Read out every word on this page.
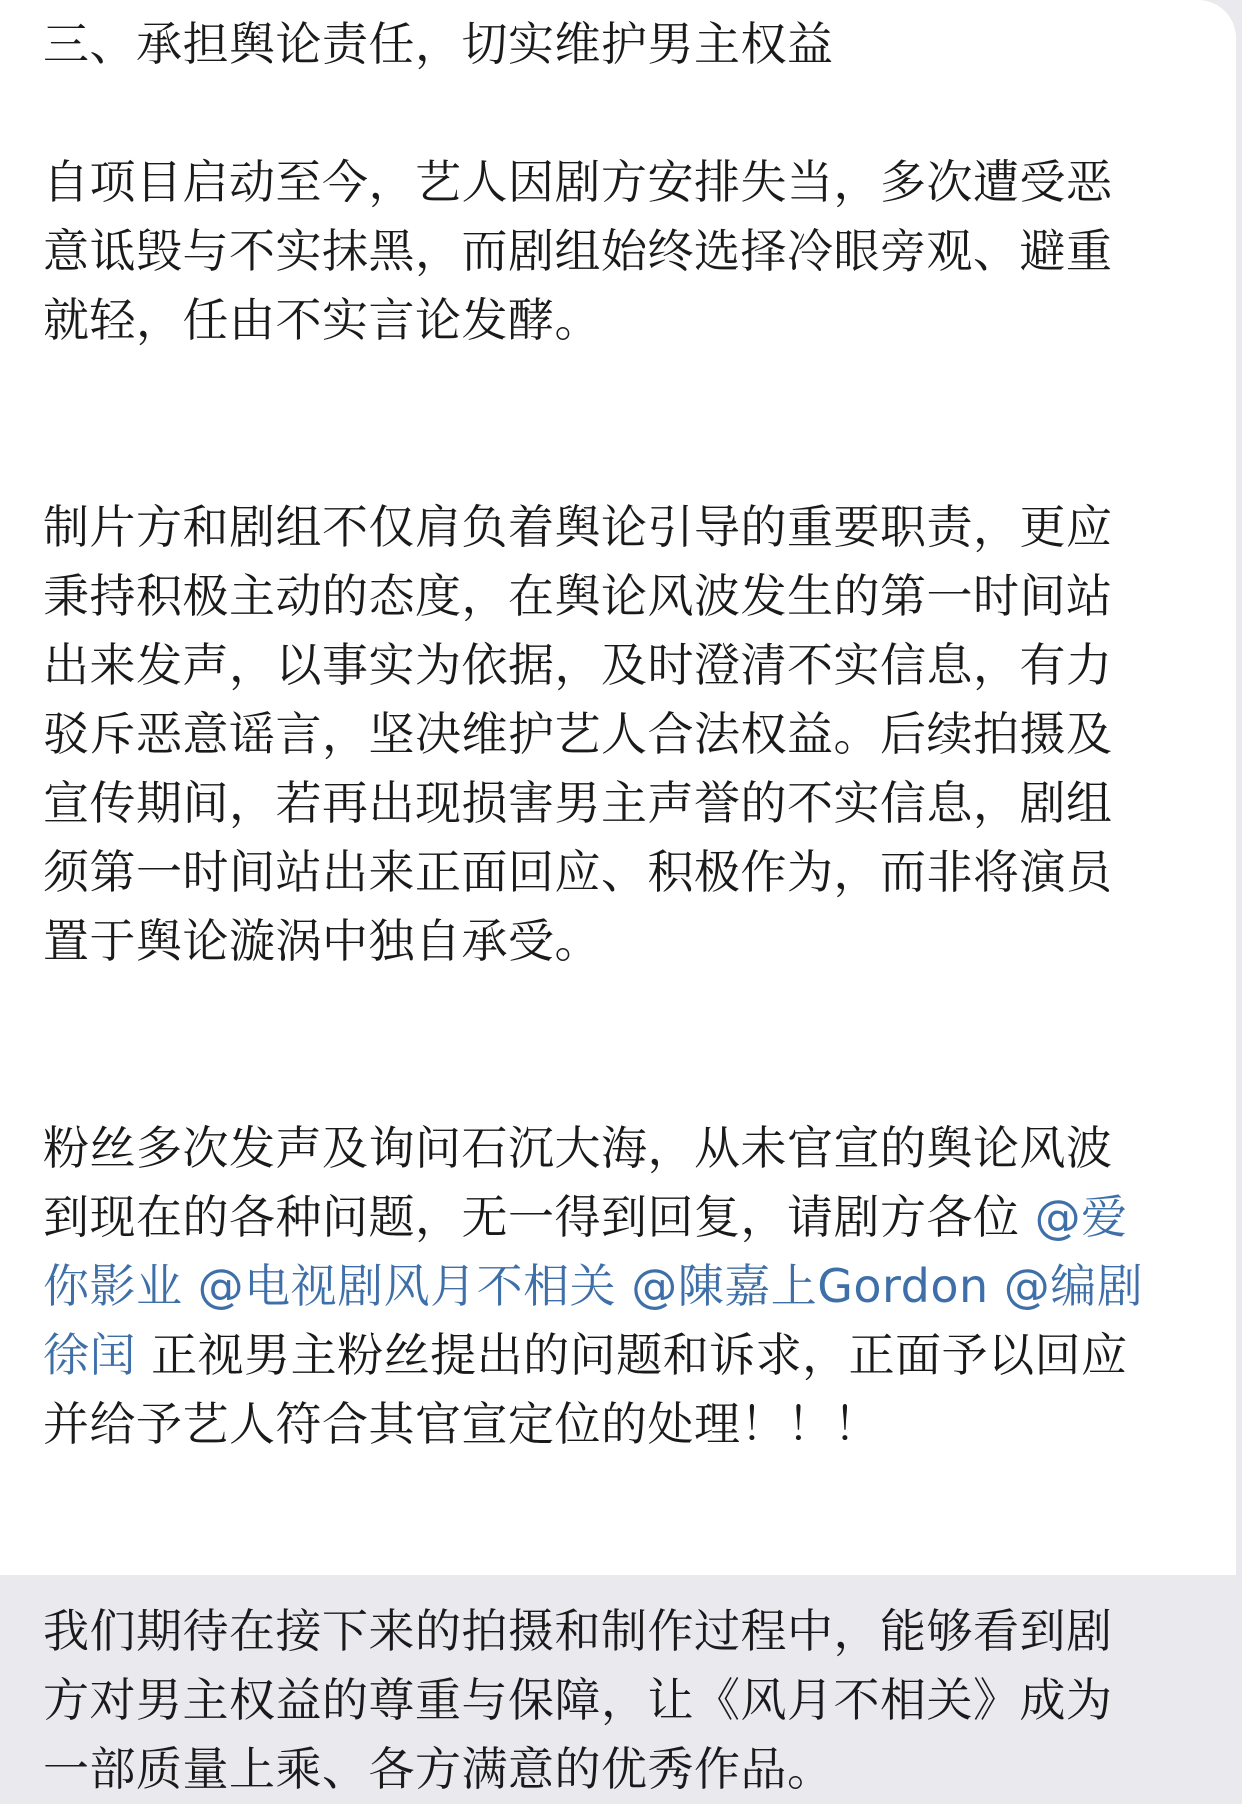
三、承担舆论责任，切实维护男主权益

自项目启动至今，艺人因剧方安排失当，多次遭受恶
意诋毁与不实抹黑，而剧组始终选择冷眼旁观、避重
就轻，任由不实言论发酵。

制片方和剧组不仅肩负着舆论引导的重要职责，更应
秉持积极主动的态度，在舆论风波发生的第一时间站
出来发声，以事实为依据，及时澄清不实信息，有力
驳斥恶意谣言，坚决维护艺人合法权益。后续拍摄及
宣传期间，若再出现损害男主声誉的不实信息，剧组
须第一时间站出来正面回应、积极作为，而非将演员
置于舆论漩涡中独自承受。

粉丝多次发声及询问石沉大海，从未官宣的舆论风波
到现在的各种问题，无一得到回复，请剧方各位 @爱
你影业 @电视剧风月不相关 @陳嘉上Gordon @编剧
徐闰 正视男主粉丝提出的问题和诉求，正面予以回应
并给予艺人符合其官宣定位的处理！！！

我们期待在接下来的拍摄和制作过程中，能够看到剧
方对男主权益的尊重与保障，让《风月不相关》成为
一部质量上乘、各方满意的优秀作品。
